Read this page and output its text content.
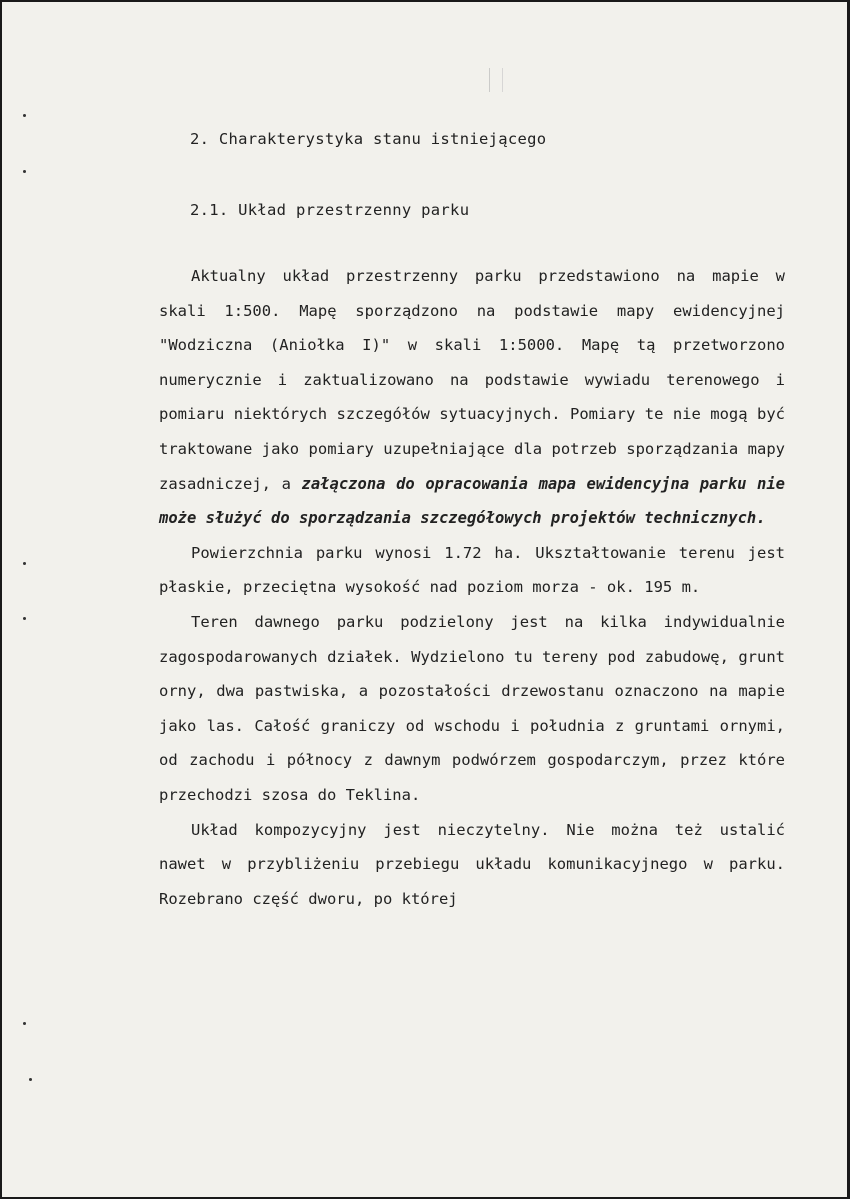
2. Charakterystyka stanu istniejącego
2.1. Układ przestrzenny parku

Aktualny układ przestrzenny parku przedstawiono na mapie w skali 1:500. Mapę sporządzono na podstawie mapy ewidencyjnej "Wodziczna (Aniołka I)" w skali 1:5000. Mapę tą przetworzono numerycznie i zaktualizowano na podstawie wywiadu terenowego i pomiaru niektórych szczegółów sytuacyjnych. Pomiary te nie mogą być traktowane jako pomiary uzupełniające dla potrzeb sporządzania mapy zasadniczej, a załączona do opracowania mapa ewidencyjna parku nie może służyć do sporządzania szczegółowych projektów technicznych.

Powierzchnia parku wynosi 1.72 ha. Ukształtowanie terenu jest płaskie, przeciętna wysokość nad poziom morza - ok. 195 m.

Teren dawnego parku podzielony jest na kilka indywidualnie zagospodarowanych działek. Wydzielono tu tereny pod zabudowę, grunt orny, dwa pastwiska, a pozostałości drzewostanu oznaczono na mapie jako las. Całość graniczy od wschodu i południa z gruntami ornymi, od zachodu i północy z dawnym podwórzem gospodarczym, przez które przechodzi szosa do Teklina.

Układ kompozycyjny jest nieczytelny. Nie można też ustalić nawet w przybliżeniu przebiegu układu komunikacyjnego w parku. Rozebrano część dworu, po której
